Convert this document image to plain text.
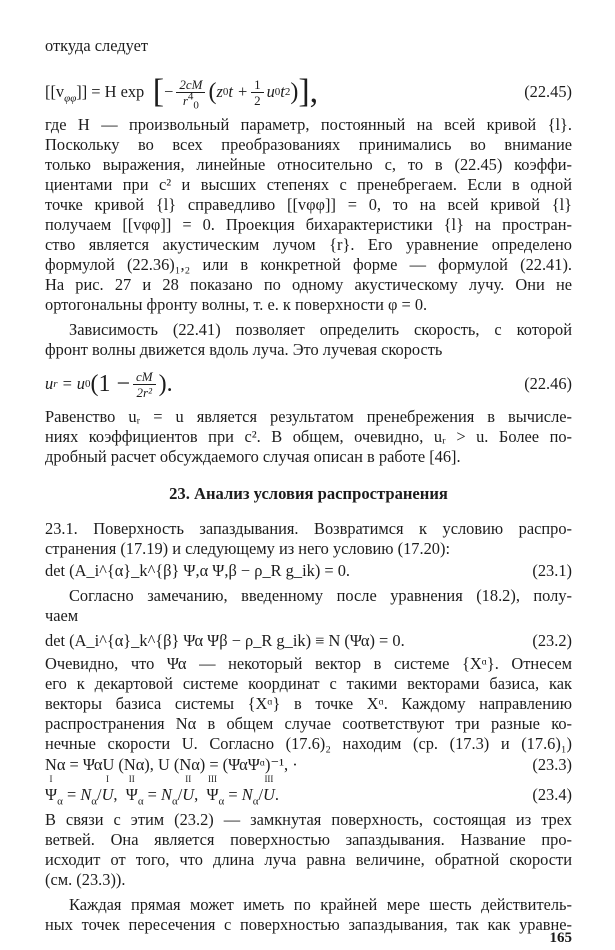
откуда следует
$[[v_{\varphi\varphi}]] = H$ exp [ − $\frac{2cM}{r^4_0}$ ( z 0 $t + \frac{1}{2}$ u 0 t 2 ) ],	(22.45)
где H — произвольный параметр, постоянный на всей кривой {l}.
Поскольку во всех преобразованиях принимались во внимание
только выражения, линейные относительно c, то в (22.45) коэффи-
циентами при c² и высших степенях c пренебрегаем. Если в одной
точке кривой {l} справедливо [[vφφ]] = 0, то на всей кривой {l}
получаем [[vφφ]] = 0. Проекция бихарактеристики {l} на простран-
ство является акустическим лучом {r}. Его уравнение определено
формулой (22.36)₁,₂ или в конкретной форме — формулой (22.41).
На рис. 27 и 28 показано по одному акустическому лучу. Они не
ортогональны фронту волны, т. е. к поверхности φ = 0.
Зависимость (22.41) позволяет определить скорость, с которой
фронт волны движется вдоль луча. Это лучевая скорость
u r
= u 0 ($1 - \frac{cM}{\text{2r²}}$ ).	(22.46)
Равенство uᵣ = u является результатом пренебрежения в вычисле-
ниях коэффициентов при c². В общем, очевидно, uᵣ > u. Более по-
дробный расчет обсуждаемого случая описан в работе [46].
23. Анализ условия распространения
23.1. Поверхность запаздывания. Возвратимся к условию распро-
странения (17.19) и следующему из него условию (17.20):
det (A_i^{α}_k^{β} Ψ,α Ψ,β − ρ_R g_ik) = 0.	(23.1)
Согласно замечанию, введенному после уравнения (18.2), полу-
чаем
det (A_i^{α}_k^{β} Ψα Ψβ − ρ_R g_ik) ≡ N (Ψα) = 0.	(23.2)
Очевидно, что Ψα — некоторый вектор в системе {Xᵅ}. Отнесем
его к декартовой системе координат с такими векторами базиса, как
векторы базиса системы {Xᵅ} в точке Xᵅ. Каждому направлению
распространения Nα в общем случае соответствуют три разные ко-
нечные скорости U. Согласно (17.6)₂ находим (ср. (17.3) и (17.6)₁)
Nα = ΨαU (Nα), U (Nα) = (ΨαΨᵅ)⁻¹, ·	(23.3)
I
$\Psi_\alpha = N_\alpha/$
I
U,
II
$\Psi_\alpha = N_\alpha/$
II
U,
III
$\Psi_\alpha = N_\alpha/$
III
U.	(23.4)
В связи с этим (23.2) — замкнутая поверхность, состоящая из трех
ветвей. Она является поверхностью запаздывания. Название про-
исходит от того, что длина луча равна величине, обратной скорости
(см. (23.3)).
Каждая прямая может иметь по крайней мере шесть действитель-
ных точек пересечения с поверхностью запаздывания, так как уравне-
165
